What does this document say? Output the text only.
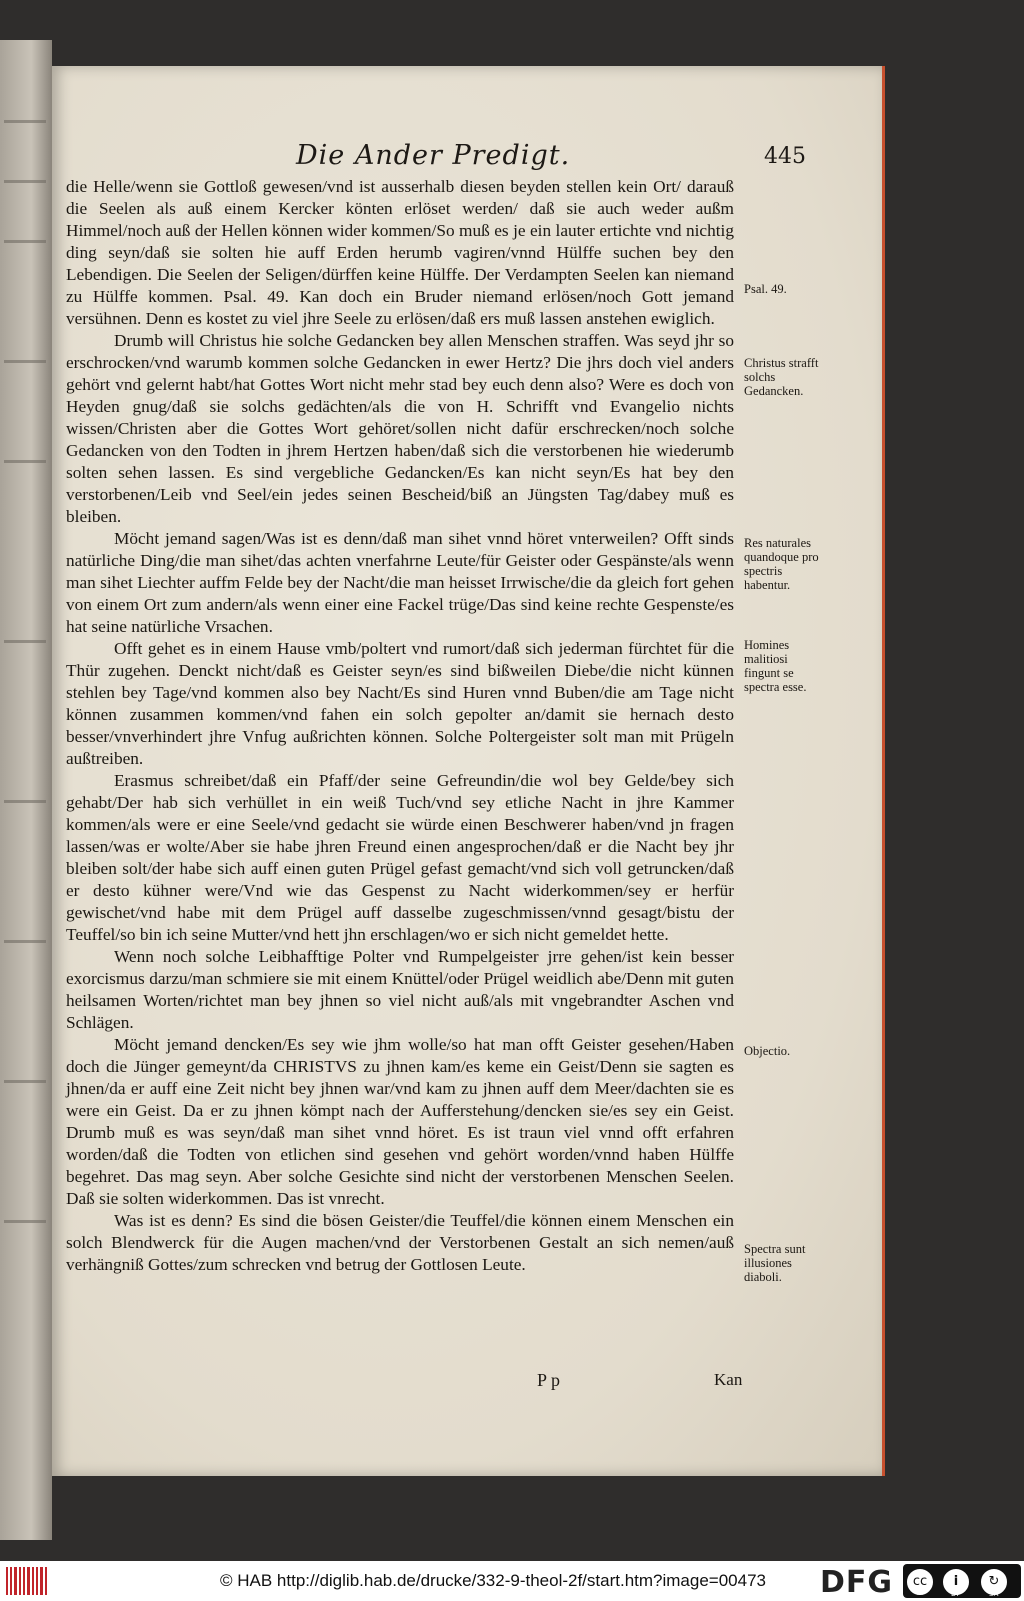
Die Ander Predigt.	445

die Helle/wenn sie Gottloß gewesen/vnd ist ausserhalb diesen beyden stellen kein Ort/ darauß die Seelen als auß einem Kercker könten erlöset werden/ daß sie auch weder außm Himmel/noch auß der Hellen können wider kommen/So muß es je ein lauter ertichte vnd nichtig ding seyn/daß sie solten hie auff Erden herumb vagiren/vnnd Hülffe suchen bey den Lebendigen. Die Seelen der Seligen/dürffen keine Hülffe. Der Verdampten Seelen kan niemand zu Hülffe kommen. Psal. 49. Kan doch ein Bruder niemand erlösen/noch Gott jemand versühnen. Denn es kostet zu viel jhre Seele zu erlösen/daß ers muß lassen anstehen ewiglich.

Drumb will Christus hie solche Gedancken bey allen Menschen straffen. Was seyd jhr so erschrocken/vnd warumb kommen solche Gedancken in ewer Hertz? Die jhrs doch viel anders gehört vnd gelernt habt/hat Gottes Wort nicht mehr stad bey euch denn also? Were es doch von Heyden gnug/daß sie solchs gedächten/als die von H. Schrifft vnd Evangelio nichts wissen/Christen aber die Gottes Wort gehöret/sollen nicht dafür erschrecken/noch solche Gedancken von den Todten in jhrem Hertzen haben/daß sich die verstorbenen hie wiederumb solten sehen lassen. Es sind vergebliche Gedancken/Es kan nicht seyn/Es hat bey den verstorbenen/Leib vnd Seel/ein jedes seinen Bescheid/biß an Jüngsten Tag/dabey muß es bleiben.

Möcht jemand sagen/Was ist es denn/daß man sihet vnnd höret vnterweilen? Offt sinds natürliche Ding/die man sihet/das achten vnerfahrne Leute/für Geister oder Gespänste/als wenn man sihet Liechter auffm Felde bey der Nacht/die man heisset Irrwische/die da gleich fort gehen von einem Ort zum andern/als wenn einer eine Fackel trüge/Das sind keine rechte Gespenste/es hat seine natürliche Vrsachen.

Offt gehet es in einem Hause vmb/poltert vnd rumort/daß sich jederman fürchtet für die Thür zugehen. Denckt nicht/daß es Geister seyn/es sind bißweilen Diebe/die nicht künnen stehlen bey Tage/vnd kommen also bey Nacht/Es sind Huren vnnd Buben/die am Tage nicht können zusammen kommen/vnd fahen ein solch gepolter an/damit sie hernach desto besser/vnverhindert jhre Vnfug außrichten können. Solche Poltergeister solt man mit Prügeln außtreiben.

Erasmus schreibet/daß ein Pfaff/der seine Gefreundin/die wol bey Gelde/bey sich gehabt/Der hab sich verhüllet in ein weiß Tuch/vnd sey etliche Nacht in jhre Kammer kommen/als were er eine Seele/vnd gedacht sie würde einen Beschwerer haben/vnd jn fragen lassen/was er wolte/Aber sie habe jhren Freund einen angesprochen/daß er die Nacht bey jhr bleiben solt/der habe sich auff einen guten Prügel gefast gemacht/vnd sich voll getruncken/daß er desto kühner were/Vnd wie das Gespenst zu Nacht widerkommen/sey er herfür gewischet/vnd habe mit dem Prügel auff dasselbe zugeschmissen/vnnd gesagt/bistu der Teuffel/so bin ich seine Mutter/vnd hett jhn erschlagen/wo er sich nicht gemeldet hette.

Wenn noch solche Leibhafftige Polter vnd Rumpelgeister jrre gehen/ist kein besser exorcismus darzu/man schmiere sie mit einem Knüttel/oder Prügel weidlich abe/Denn mit guten heilsamen Worten/richtet man bey jhnen so viel nicht auß/als mit vngebrandter Aschen vnd Schlägen.

Möcht jemand dencken/Es sey wie jhm wolle/so hat man offt Geister gesehen/Haben doch die Jünger gemeynt/da CHRISTVS zu jhnen kam/es keme ein Geist/Denn sie sagten es jhnen/da er auff eine Zeit nicht bey jhnen war/vnd kam zu jhnen auff dem Meer/dachten sie es were ein Geist. Da er zu jhnen kömpt nach der Aufferstehung/dencken sie/es sey ein Geist. Drumb muß es was seyn/daß man sihet vnnd höret. Es ist traun viel vnnd offt erfahren worden/daß die Todten von etlichen sind gesehen vnd gehört worden/vnnd haben Hülffe begehret. Das mag seyn. Aber solche Gesichte sind nicht der verstorbenen Menschen Seelen. Daß sie solten widerkommen. Das ist vnrecht.

Was ist es denn? Es sind die bösen Geister/die Teuffel/die können einem Menschen ein solch Blendwerck für die Augen machen/vnd der Verstorbenen Gestalt an sich nemen/auß verhängniß Gottes/zum schrecken vnd betrug der Gottlosen Leute.

Psal. 49.
Christus strafft solchs Gedancken.
Res naturales quandoque pro spectris habentur.
Homines malitiosi fingunt se spectra esse.
Objectio.
Spectra sunt illusiones diaboli.
Pp	Kan
© HAB http://diglib.hab.de/drucke/332-9-theol-2f/start.htm?image=00473 DFG	cc	i	↻
BY	SA
